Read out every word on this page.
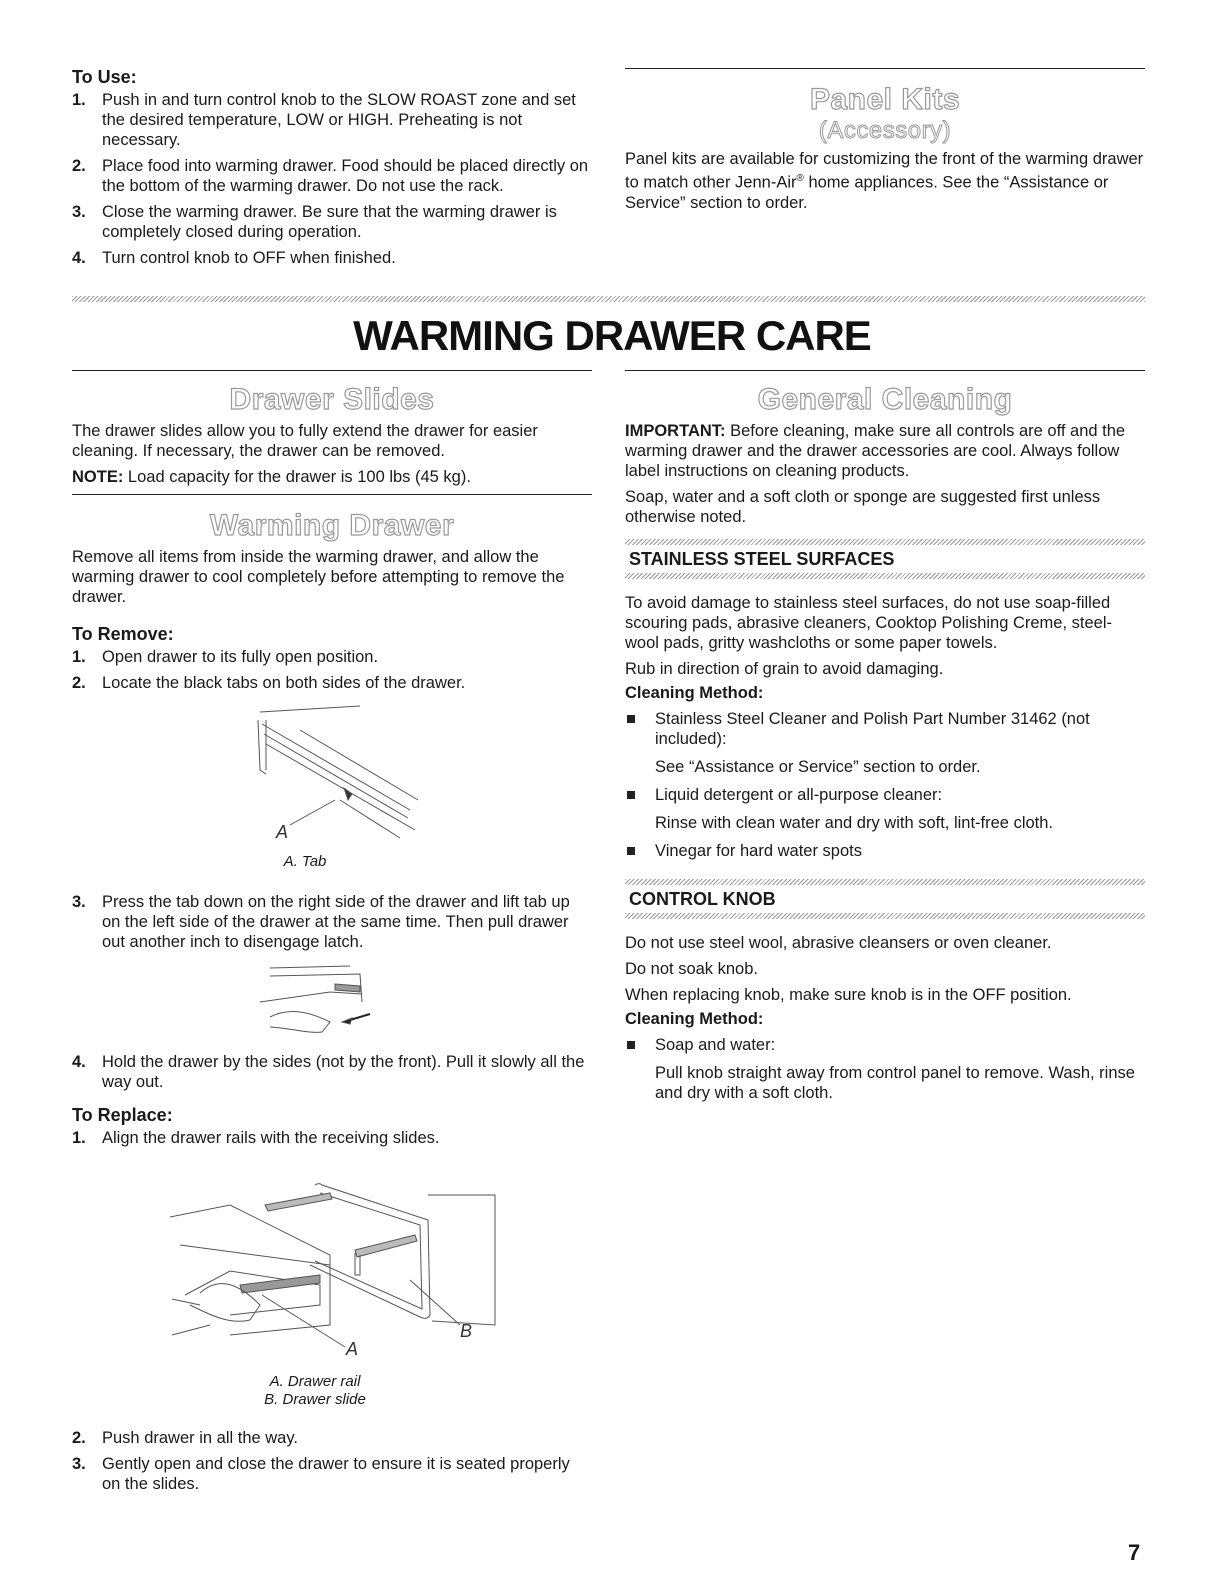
To Use:

1. Push in and turn control knob to the SLOW ROAST zone and set the desired temperature, LOW or HIGH. Preheating is not necessary.
2. Place food into warming drawer. Food should be placed directly on the bottom of the warming drawer. Do not use the rack.
3. Close the warming drawer. Be sure that the warming drawer is completely closed during operation.
4. Turn control knob to OFF when finished.

Panel Kits

(Accessory)

Panel kits are available for customizing the front of the warming drawer to match other Jenn-Air® home appliances. See the “Assistance or Service” section to order.

WARMING DRAWER CARE

Drawer Slides

The drawer slides allow you to fully extend the drawer for easier cleaning. If necessary, the drawer can be removed.

NOTE: Load capacity for the drawer is 100 lbs (45 kg).

Warming Drawer

Remove all items from inside the warming drawer, and allow the warming drawer to cool completely before attempting to remove the drawer.

To Remove:

1. Open drawer to its fully open position.
2. Locate the black tabs on both sides of the drawer.
A
A. Tab
3. Press the tab down on the right side of the drawer and lift tab up on the left side of the drawer at the same time. Then pull drawer out another inch to disengage latch.
4. Hold the drawer by the sides (not by the front). Pull it slowly all the way out.

To Replace:

1. Align the drawer rails with the receiving slides.
A
B
A. Drawer rail
B. Drawer slide
2. Push drawer in all the way.
3. Gently open and close the drawer to ensure it is seated properly on the slides.

General Cleaning

IMPORTANT: Before cleaning, make sure all controls are off and the warming drawer and the drawer accessories are cool. Always follow label instructions on cleaning products.

Soap, water and a soft cloth or sponge are suggested first unless otherwise noted.

STAINLESS STEEL SURFACES

To avoid damage to stainless steel surfaces, do not use soap-filled scouring pads, abrasive cleaners, Cooktop Polishing Creme, steel-wool pads, gritty washcloths or some paper towels.

Rub in direction of grain to avoid damaging.

Cleaning Method:

Stainless Steel Cleaner and Polish Part Number 31462 (not included):

See “Assistance or Service” section to order.

Liquid detergent or all-purpose cleaner:

Rinse with clean water and dry with soft, lint-free cloth.

Vinegar for hard water spots

CONTROL KNOB

Do not use steel wool, abrasive cleansers or oven cleaner.

Do not soak knob.

When replacing knob, make sure knob is in the OFF position.

Cleaning Method:

Soap and water:

Pull knob straight away from control panel to remove. Wash, rinse and dry with a soft cloth.

7
